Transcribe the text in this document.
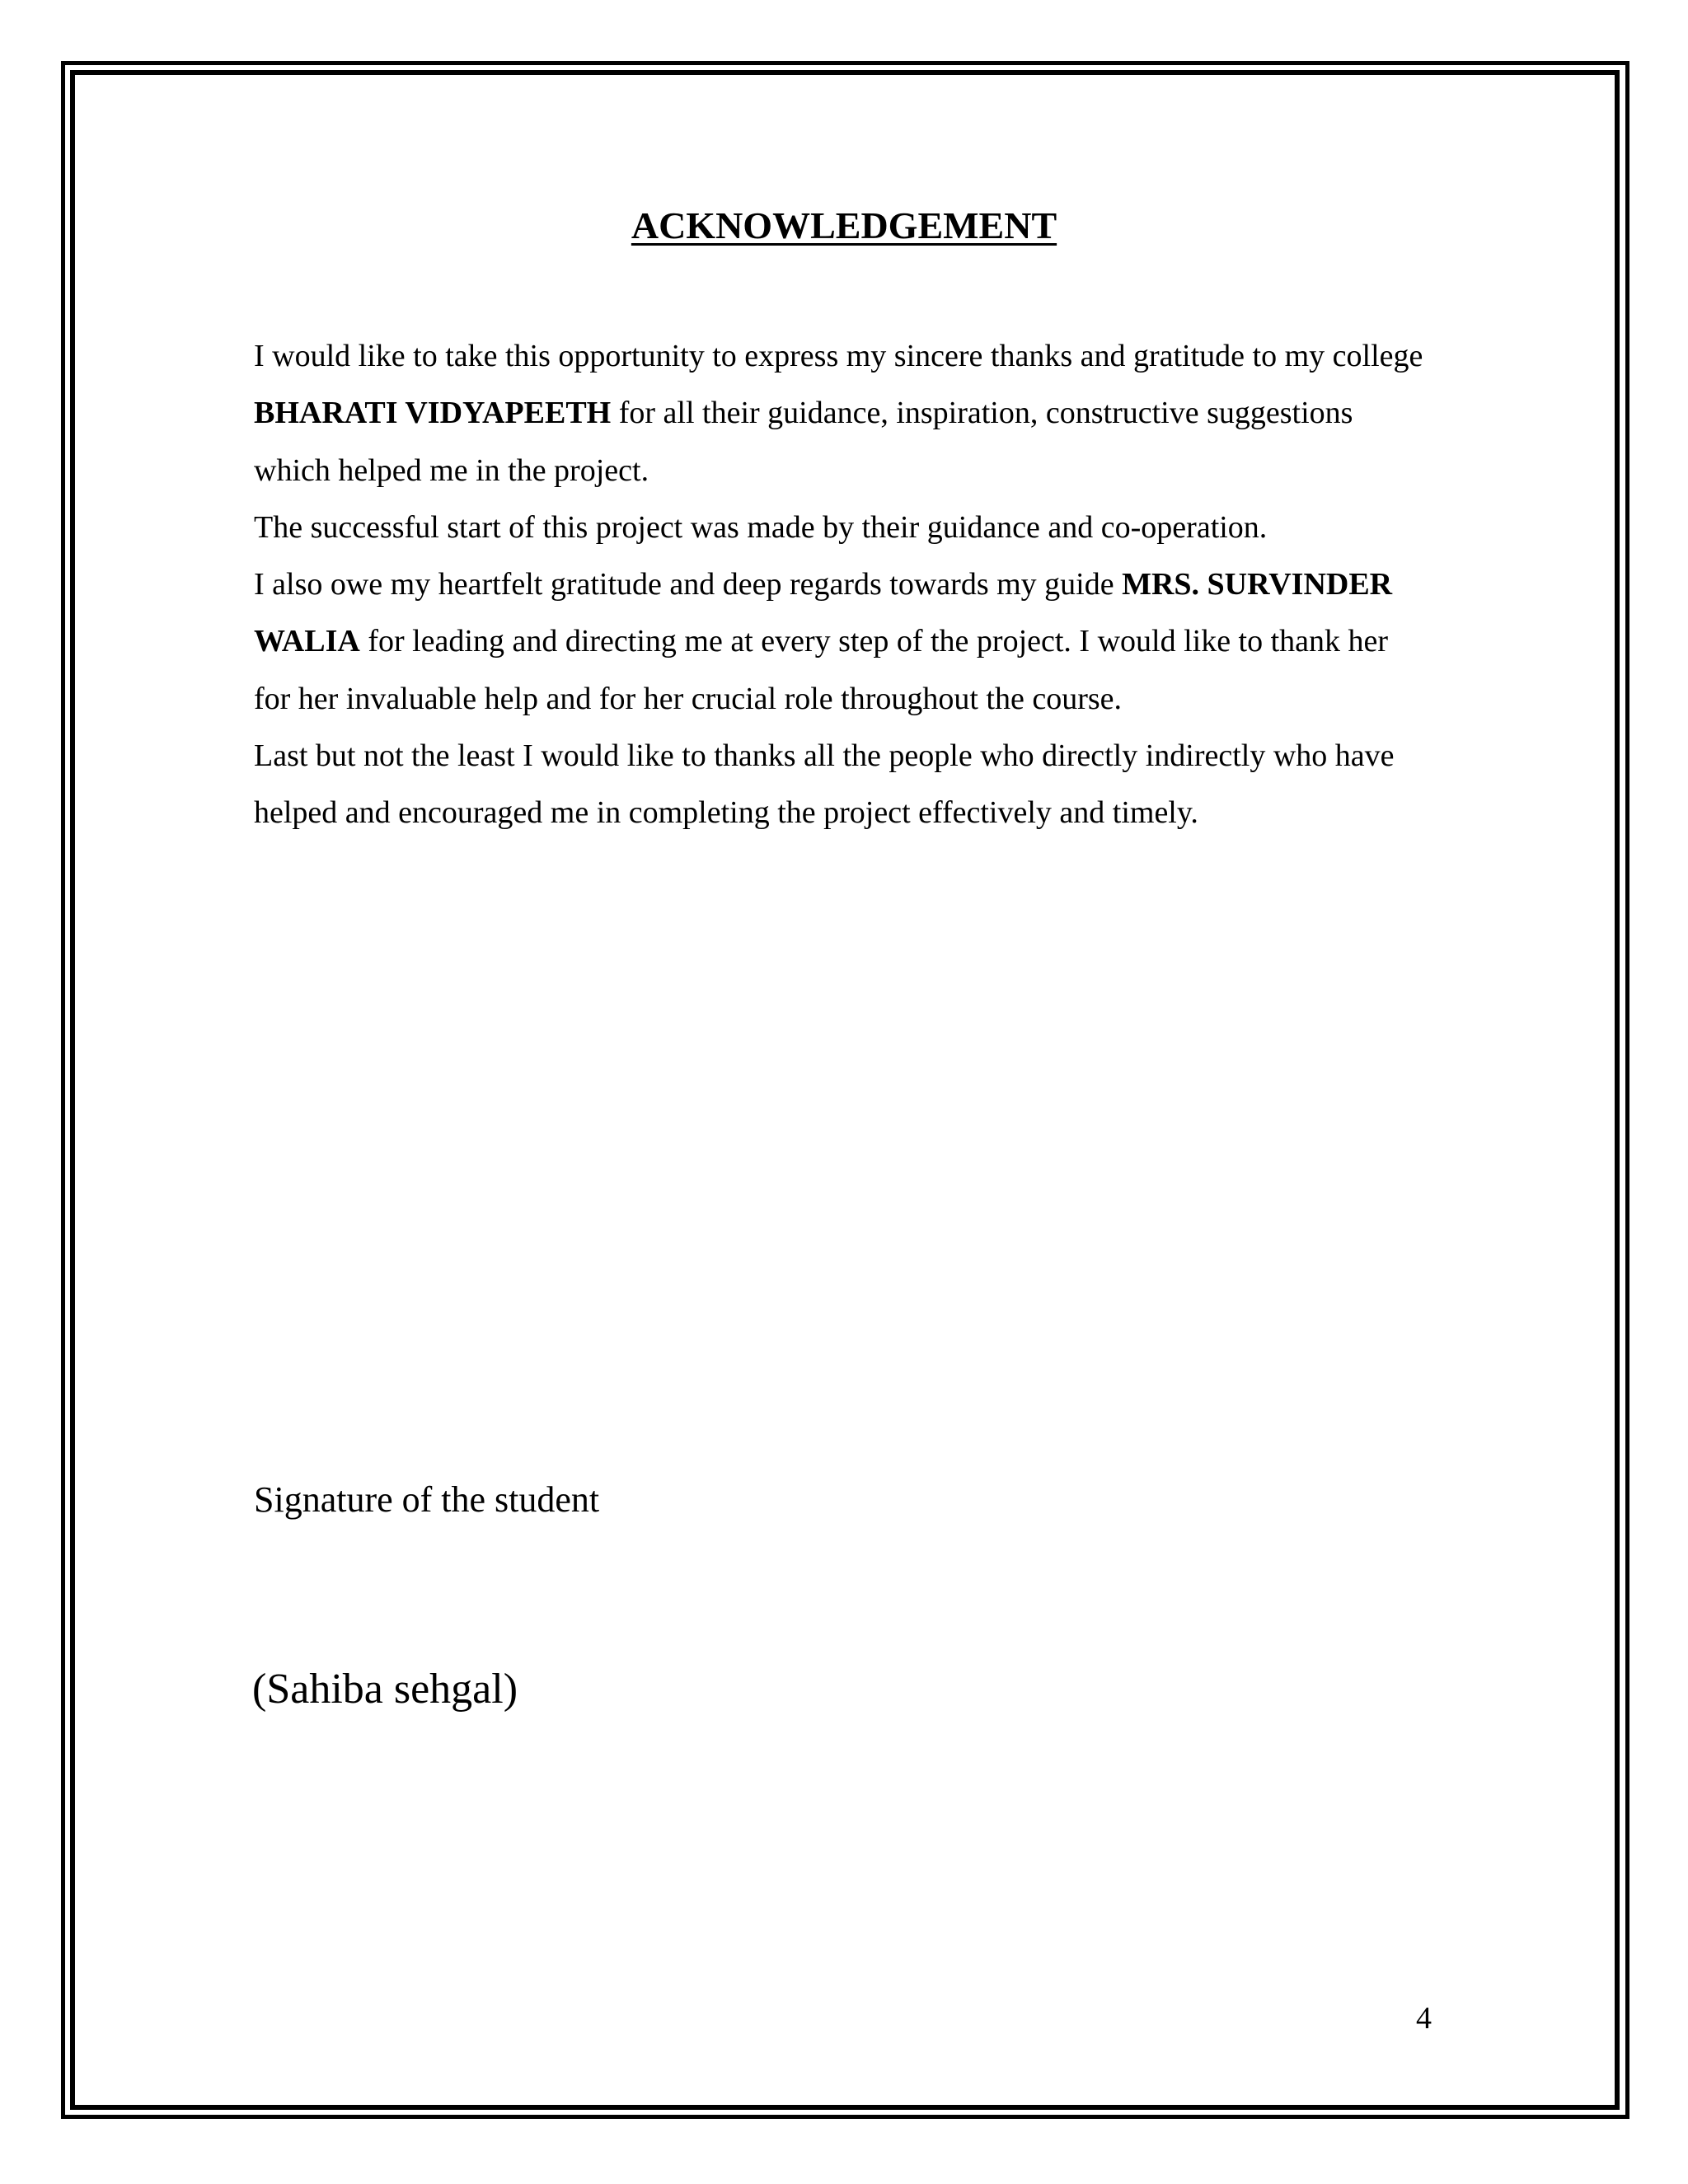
ACKNOWLEDGEMENT

I would like to take this opportunity to express my sincere thanks and gratitude to my college BHARATI VIDYAPEETH for all their guidance, inspiration, constructive suggestions which helped me in the project.

The successful start of this project was made by their guidance and co-operation.

I also owe my heartfelt gratitude and deep regards towards my guide MRS. SURVINDER WALIA for leading and directing me at every step of the project. I would like to thank her for her invaluable help and for her crucial role throughout the course.

Last but not the least I would like to thanks all the people who directly indirectly who have helped and encouraged me in completing the project effectively and timely.

Signature of the student
(Sahiba sehgal)
4
